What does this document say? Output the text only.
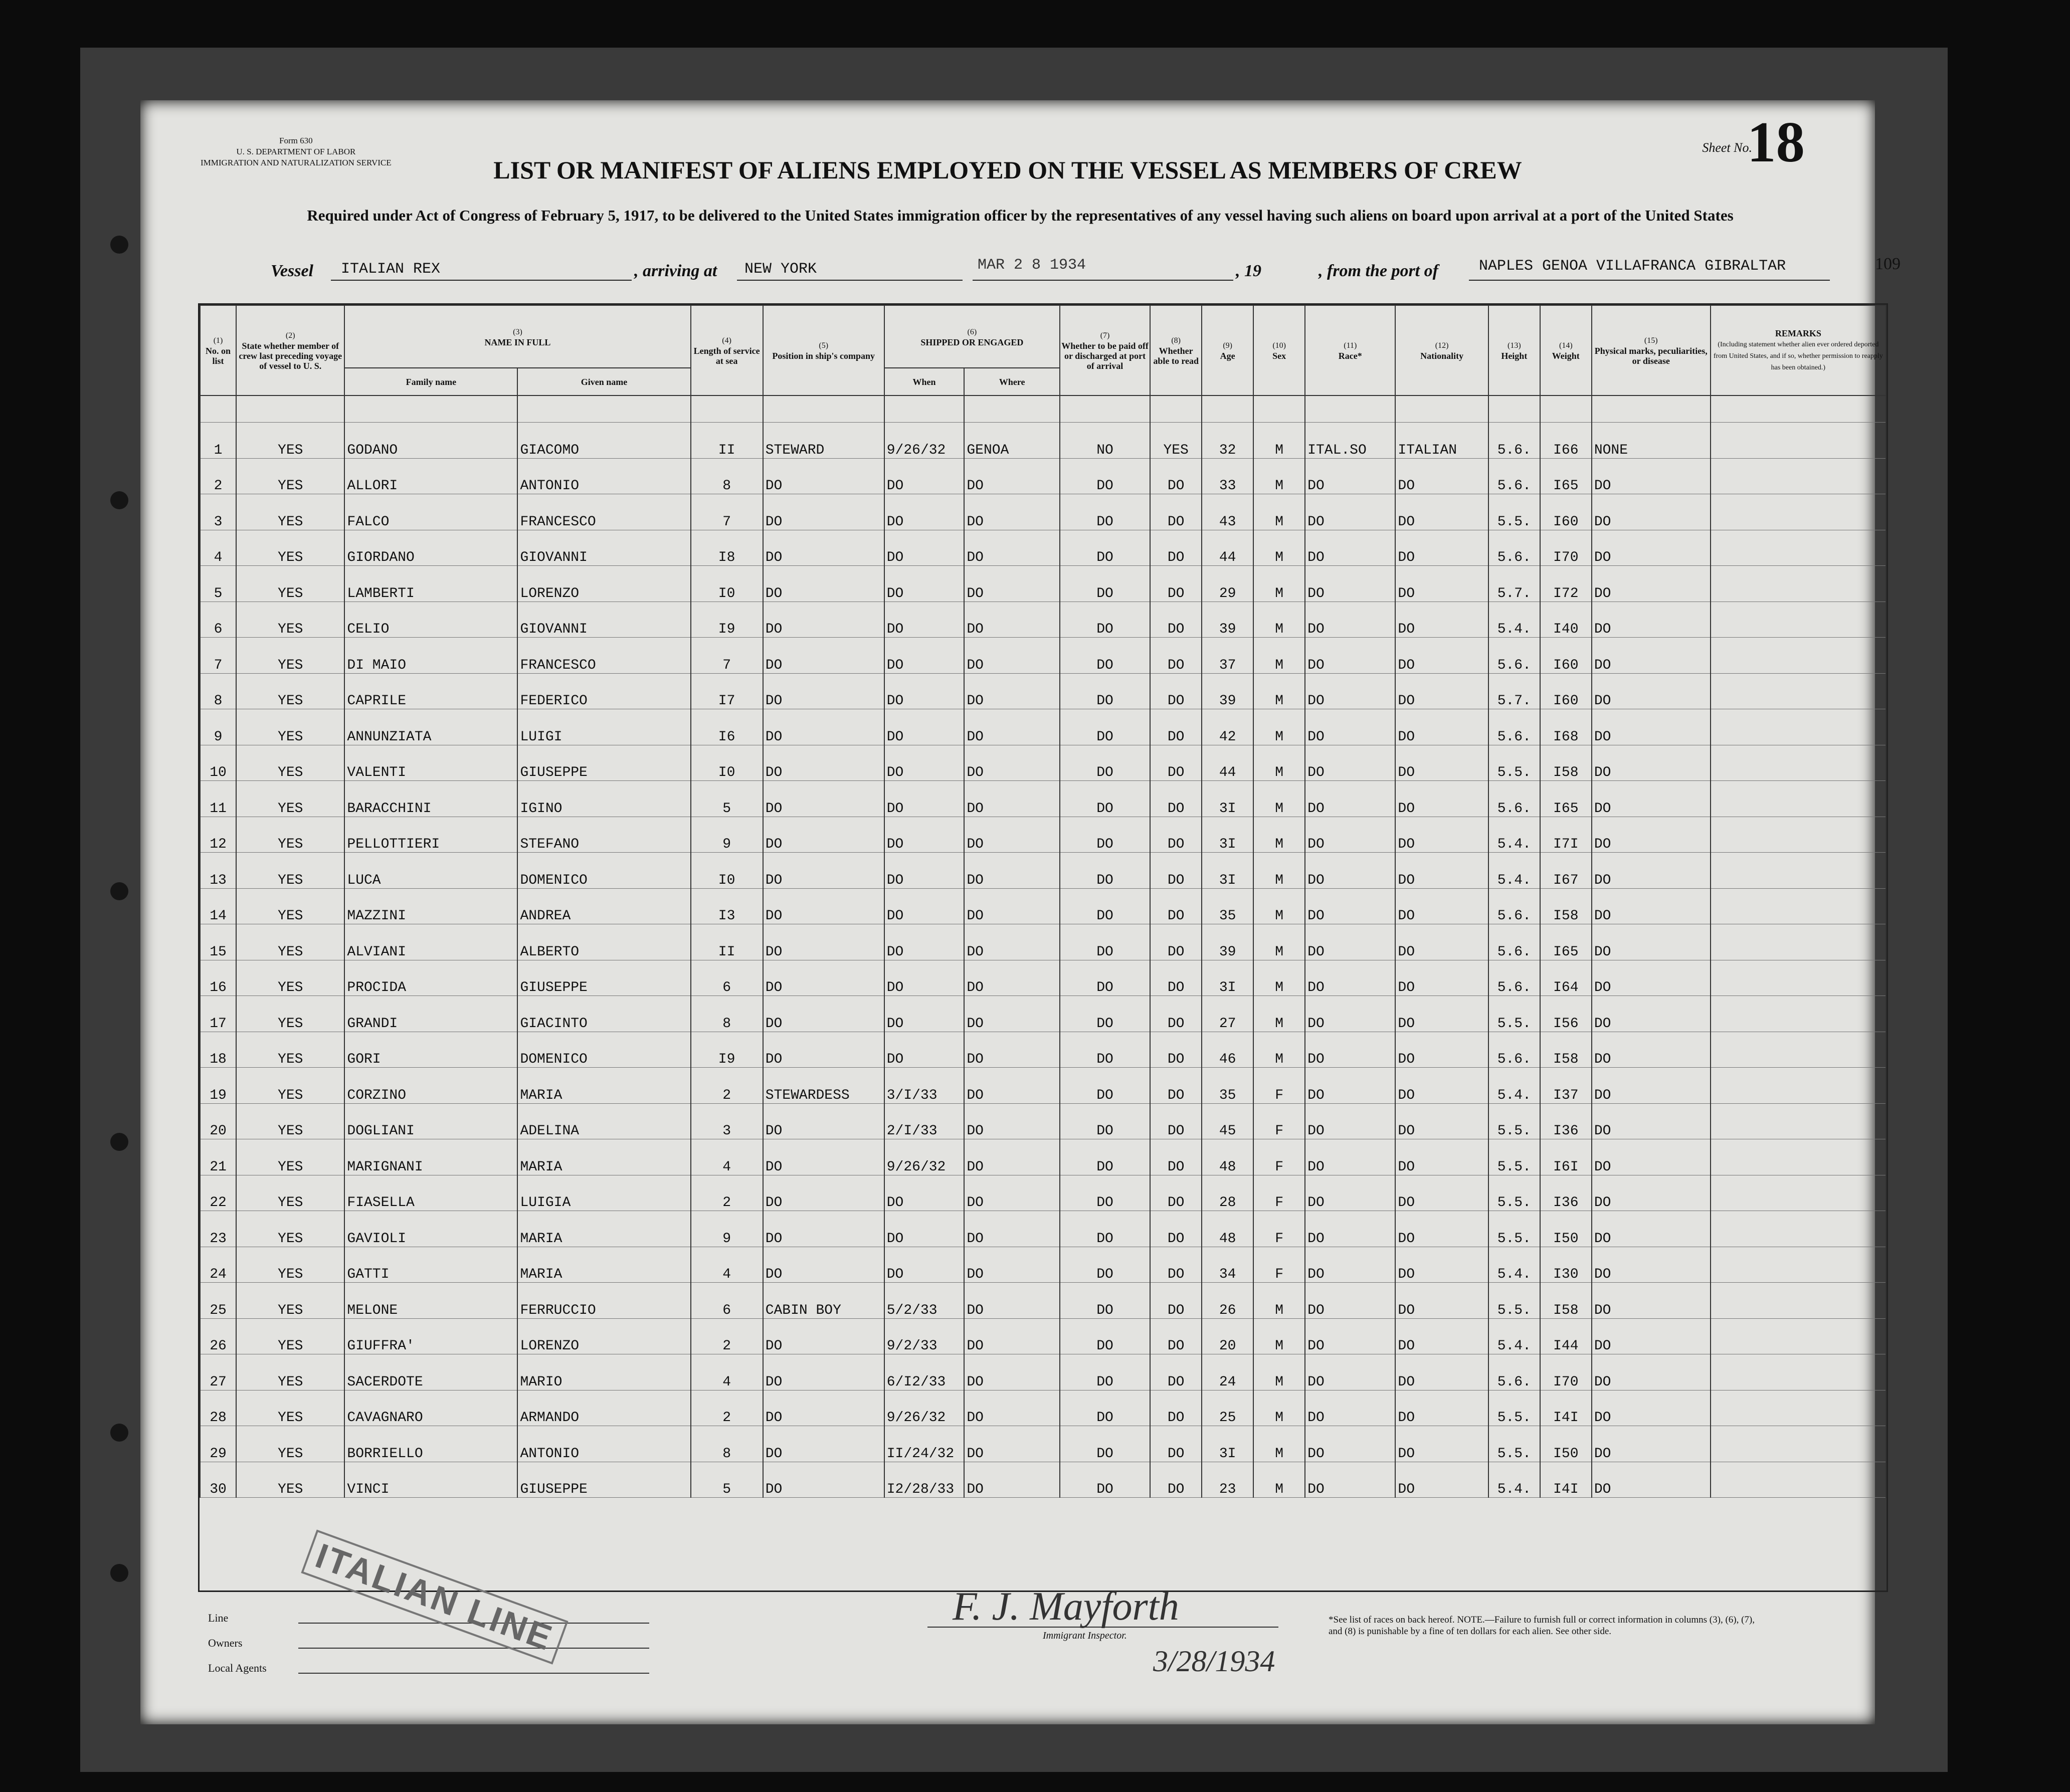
Form 630
U. S. DEPARTMENT OF LABOR
IMMIGRATION AND NATURALIZATION SERVICE
Sheet No.
18
LIST OR MANIFEST OF ALIENS EMPLOYED ON THE VESSEL AS MEMBERS OF CREW
Required under Act of Congress of February 5, 1917, to be delivered to the United States immigration officer by the representatives of any vessel having such aliens on board upon arrival at a port of the United States
Vessel ITALIAN REX	, arriving at NEW YORK	MAR 2 8 1934	, 19	, from the port of	NAPLES GENOA VILLAFRANCA GIBRALTAR	109
(1)
No. on list	(2)
State whether member of crew last preceding voyage of vessel to U. S.	(3)
NAME IN FULL		(4)
Length of service at sea	(5)
Position in ship's company	(6)
SHIPPED OR ENGAGED		(7)
Whether to be paid off or discharged at port of arrival	(8)
Whether able to read	(9)
Age	(10)
Sex	(11)
Race*	(12)
Nationality	(13)
Height	(14)
Weight	(15)
Physical marks, peculiarities, or disease	REMARKS
(Including statement whether alien ever ordered deported from United States, and if so, whether permission to reapply has been obtained.)
		Family name	Given name			When	Where										

1	YES	GODANO	GIACOMO	II	STEWARD	9/26/32	GENOA	NO	YES	32	M	ITAL.SO	ITALIAN	5.6.	I66	NONE	
2	YES	ALLORI	ANTONIO	8	DO	DO	DO	DO	DO	33	M	DO	DO	5.6.	I65	DO	
3	YES	FALCO	FRANCESCO	7	DO	DO	DO	DO	DO	43	M	DO	DO	5.5.	I60	DO	
4	YES	GIORDANO	GIOVANNI	I8	DO	DO	DO	DO	DO	44	M	DO	DO	5.6.	I70	DO	
5	YES	LAMBERTI	LORENZO	I0	DO	DO	DO	DO	DO	29	M	DO	DO	5.7.	I72	DO	
6	YES	CELIO	GIOVANNI	I9	DO	DO	DO	DO	DO	39	M	DO	DO	5.4.	I40	DO	
7	YES	DI MAIO	FRANCESCO	7	DO	DO	DO	DO	DO	37	M	DO	DO	5.6.	I60	DO	
8	YES	CAPRILE	FEDERICO	I7	DO	DO	DO	DO	DO	39	M	DO	DO	5.7.	I60	DO	
9	YES	ANNUNZIATA	LUIGI	I6	DO	DO	DO	DO	DO	42	M	DO	DO	5.6.	I68	DO	
10	YES	VALENTI	GIUSEPPE	I0	DO	DO	DO	DO	DO	44	M	DO	DO	5.5.	I58	DO	
11	YES	BARACCHINI	IGINO	5	DO	DO	DO	DO	DO	3I	M	DO	DO	5.6.	I65	DO	
12	YES	PELLOTTIERI	STEFANO	9	DO	DO	DO	DO	DO	3I	M	DO	DO	5.4.	I7I	DO	
13	YES	LUCA	DOMENICO	I0	DO	DO	DO	DO	DO	3I	M	DO	DO	5.4.	I67	DO	
14	YES	MAZZINI	ANDREA	I3	DO	DO	DO	DO	DO	35	M	DO	DO	5.6.	I58	DO	
15	YES	ALVIANI	ALBERTO	II	DO	DO	DO	DO	DO	39	M	DO	DO	5.6.	I65	DO	
16	YES	PROCIDA	GIUSEPPE	6	DO	DO	DO	DO	DO	3I	M	DO	DO	5.6.	I64	DO	
17	YES	GRANDI	GIACINTO	8	DO	DO	DO	DO	DO	27	M	DO	DO	5.5.	I56	DO	
18	YES	GORI	DOMENICO	I9	DO	DO	DO	DO	DO	46	M	DO	DO	5.6.	I58	DO	
19	YES	CORZINO	MARIA	2	STEWARDESS	3/I/33	DO	DO	DO	35	F	DO	DO	5.4.	I37	DO	
20	YES	DOGLIANI	ADELINA	3	DO	2/I/33	DO	DO	DO	45	F	DO	DO	5.5.	I36	DO	
21	YES	MARIGNANI	MARIA	4	DO	9/26/32	DO	DO	DO	48	F	DO	DO	5.5.	I6I	DO	
22	YES	FIASELLA	LUIGIA	2	DO	DO	DO	DO	DO	28	F	DO	DO	5.5.	I36	DO	
23	YES	GAVIOLI	MARIA	9	DO	DO	DO	DO	DO	48	F	DO	DO	5.5.	I50	DO	
24	YES	GATTI	MARIA	4	DO	DO	DO	DO	DO	34	F	DO	DO	5.4.	I30	DO	
25	YES	MELONE	FERRUCCIO	6	CABIN BOY	5/2/33	DO	DO	DO	26	M	DO	DO	5.5.	I58	DO	
26	YES	GIUFFRA'	LORENZO	2	DO	9/2/33	DO	DO	DO	20	M	DO	DO	5.4.	I44	DO	
27	YES	SACERDOTE	MARIO	4	DO	6/I2/33	DO	DO	DO	24	M	DO	DO	5.6.	I70	DO	
28	YES	CAVAGNARO	ARMANDO	2	DO	9/26/32	DO	DO	DO	25	M	DO	DO	5.5.	I4I	DO	
29	YES	BORRIELLO	ANTONIO	8	DO	II/24/32	DO	DO	DO	3I	M	DO	DO	5.5.	I50	DO	
30	YES	VINCI	GIUSEPPE	5	DO	I2/28/33	DO	DO	DO	23	M	DO	DO	5.4.	I4I	DO	
Line
Owners
Local Agents
ITALIAN LINE	F. J. Mayforth
Immigrant Inspector.
3/28/1934
*See list of races on back hereof. NOTE.—Failure to furnish full or correct information in columns (3), (6), (7), and (8) is punishable by a fine of ten dollars for each alien. See other side.
